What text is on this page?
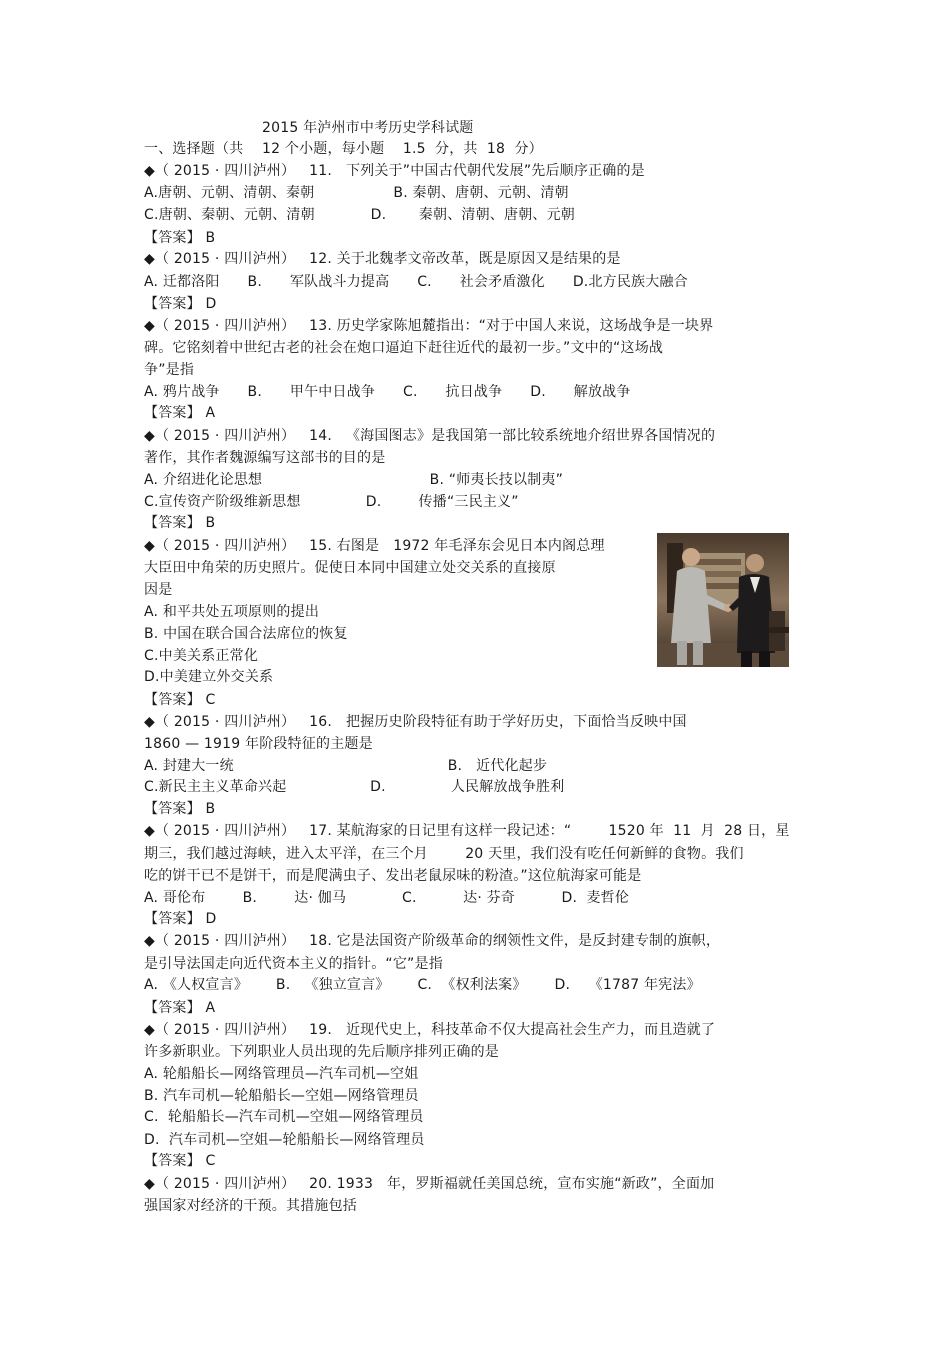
2015 年泸州市中考历史学科试题
一、选择题（共    12 个小题，每小题    1.5  分，共  18  分）
◆（ 2015 · 四川泸州）   11.   下列关于”中国古代朝代发展”先后顺序正确的是
A.唐朝、元朝、清朝、秦朝                 B. 秦朝、唐朝、元朝、清朝
C.唐朝、秦朝、元朝、清朝            D.       秦朝、清朝、唐朝、元朝
【答案】 B
◆（ 2015 · 四川泸州）   12. 关于北魏孝文帝改革，既是原因又是结果的是
A. 迁都洛阳      B.      军队战斗力提高      C.      社会矛盾激化      D.北方民族大融合
【答案】 D
◆（ 2015 · 四川泸州）   13. 历史学家陈旭麓指出：“对于中国人来说，这场战争是一块界
碑。它铭刻着中世纪古老的社会在炮口逼迫下赶往近代的最初一步。”文中的“这场战
争”是指
A. 鸦片战争      B.      甲午中日战争      C.      抗日战争      D.      解放战争
【答案】 A
◆（ 2015 · 四川泸州）   14.   《海国图志》是我国第一部比较系统地介绍世界各国情况的
著作，其作者魏源编写这部书的目的是
A. 介绍进化论思想                                    B. “师夷长技以制夷”
C.宣传资产阶级维新思想              D.        传播“三民主义”
【答案】 B
◆（ 2015 · 四川泸州）   15. 右图是   1972 年毛泽东会见日本内阁总理
大臣田中角荣的历史照片。促使日本同中国建立处交关系的直接原
因是
A. 和平共处五项原则的提出
B. 中国在联合国合法席位的恢复
C.中美关系正常化
D.中美建立外交关系
【答案】 C
◆（ 2015 · 四川泸州）   16.   把握历史阶段特征有助于学好历史，下面恰当反映中国
1860 — 1919 年阶段特征的主题是
A. 封建大一统                                              B.   近代化起步
C.新民主主义革命兴起                  D.              人民解放战争胜利
【答案】 B
◆（ 2015 · 四川泸州）   17. 某航海家的日记里有这样一段记述：“        1520 年  11  月  28 日，星
期三，我们越过海峡，进入太平洋，在三个月        20 天里，我们没有吃任何新鲜的食物。我们
吃的饼干已不是饼干，而是爬满虫子、发出老鼠尿味的粉渣。”这位航海家可能是
A. 哥伦布        B.        达· 伽马            C.          达· 芬奇          D.  麦哲伦
【答案】 D
◆（ 2015 · 四川泸州）   18. 它是法国资产阶级革命的纲领性文件，是反封建专制的旗帜，
是引导法国走向近代资本主义的指针。“它”是指
A. 《人权宣言》      B.   《独立宣言》      C.  《权利法案》      D.    《1787 年宪法》
【答案】 A
◆（ 2015 · 四川泸州）   19.   近现代史上，科技革命不仅大提高社会生产力，而且造就了
许多新职业。下列职业人员出现的先后顺序排列正确的是
A. 轮船船长—网络管理员—汽车司机—空姐
B. 汽车司机—轮船船长—空姐—网络管理员
C.  轮船船长—汽车司机—空姐—网络管理员
D.  汽车司机—空姐—轮船船长—网络管理员
【答案】 C
◆（ 2015 · 四川泸州）   20. 1933   年，罗斯福就任美国总统，宣布实施“新政”，全面加
强国家对经济的干预。其措施包括
